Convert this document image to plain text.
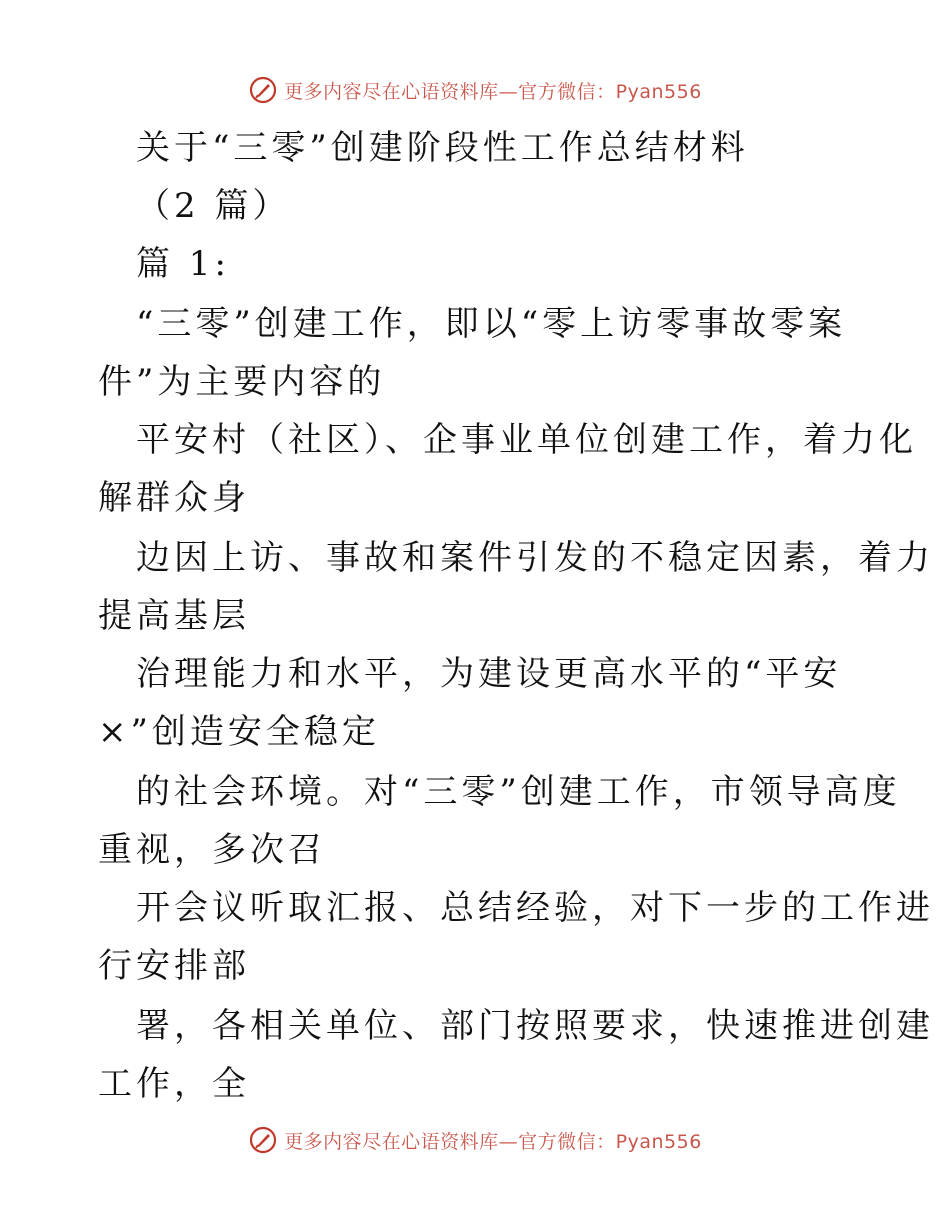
更多内容尽在心语资料库—官方微信：Pyan556
关于“三零”创建阶段性工作总结材料
（2 篇）
篇 1:
“三零”创建工作，即以“零上访零事故零案
件”为主要内容的
平安村（社区）、企事业单位创建工作，着力化
解群众身
边因上访、事故和案件引发的不稳定因素，着力
提高基层
治理能力和水平，为建设更高水平的“平安
×”创造安全稳定
的社会环境。对“三零”创建工作，市领导高度
重视，多次召
开会议听取汇报、总结经验，对下一步的工作进
行安排部
署，各相关单位、部门按照要求，快速推进创建
工作，全
更多内容尽在心语资料库—官方微信：Pyan556
